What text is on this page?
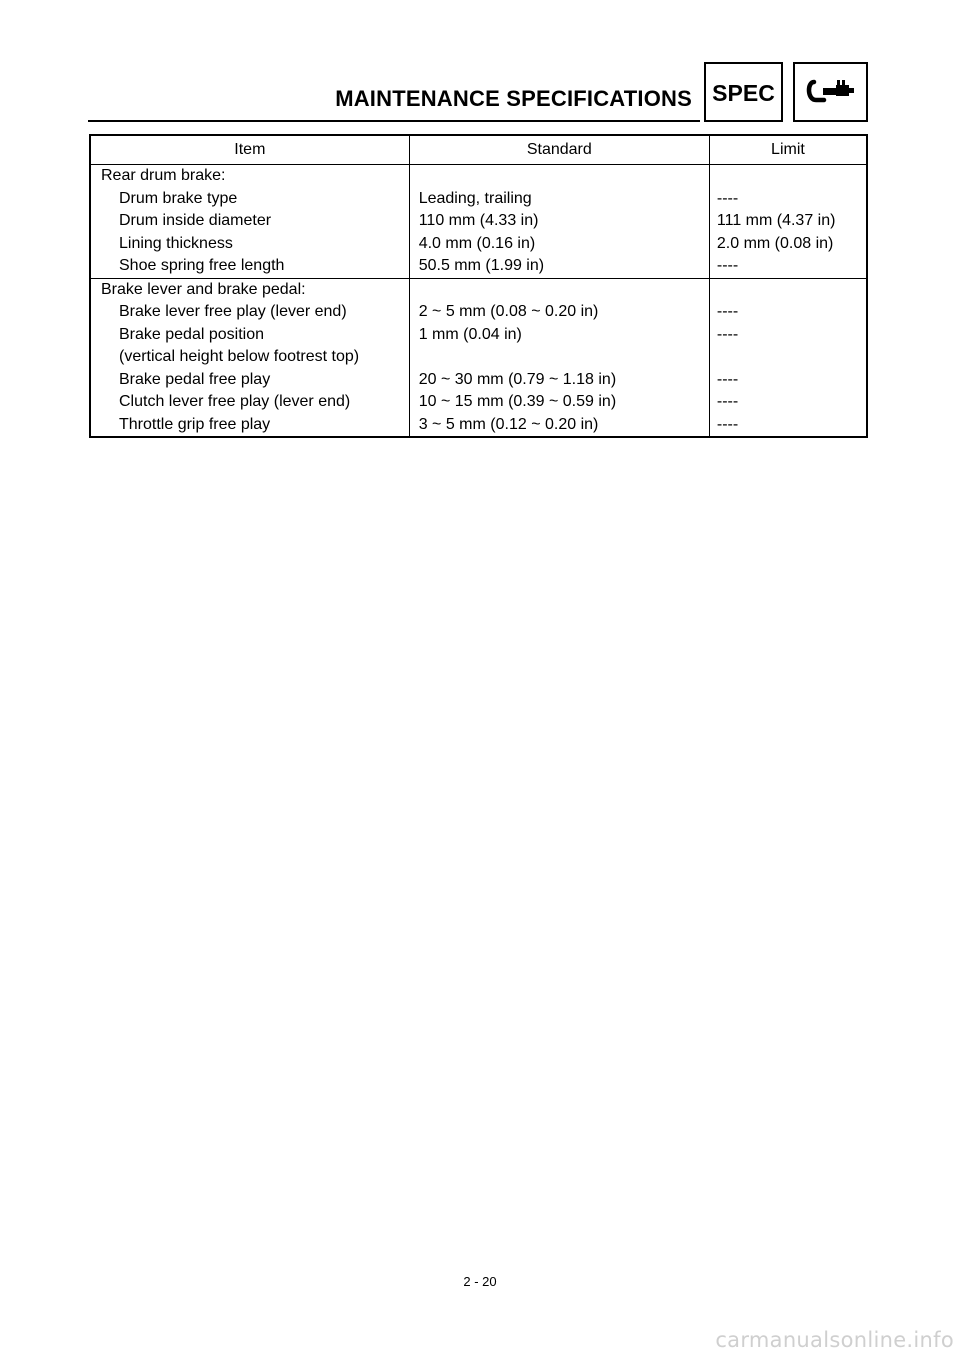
MAINTENANCE SPECIFICATIONS SPEC
Item	Standard	Limit
Rear drum brake:		
Drum brake type	Leading, trailing	----
Drum inside diameter	110 mm (4.33 in)	111 mm (4.37 in)
Lining thickness	4.0 mm (0.16 in)	2.0 mm (0.08 in)
Shoe spring free length	50.5 mm (1.99 in)	----
Brake lever and brake pedal:		
Brake lever free play (lever end)	2 ~ 5 mm (0.08 ~ 0.20 in)	----
Brake pedal position	1 mm (0.04 in)	----
(vertical height below footrest top)		
Brake pedal free play	20 ~ 30 mm (0.79 ~ 1.18 in)	----
Clutch lever free play (lever end)	10 ~ 15 mm (0.39 ~ 0.59 in)	----
Throttle grip free play	3 ~ 5 mm (0.12 ~ 0.20 in)	----
2 - 20
carmanualsonline.info
